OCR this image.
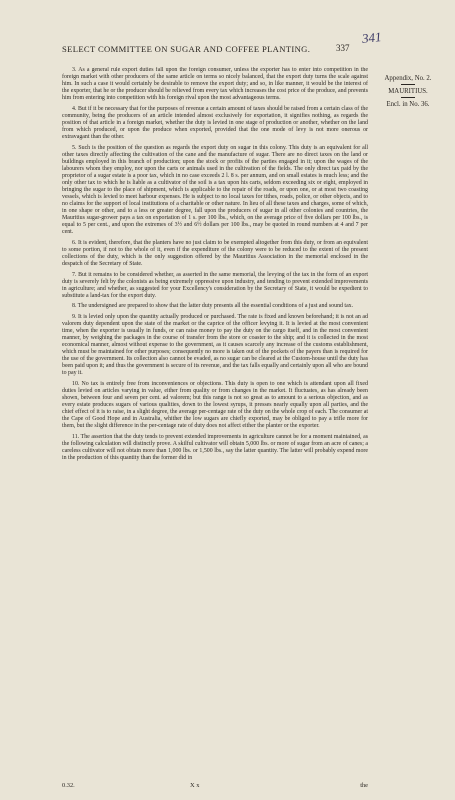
SELECT COMMITTEE ON SUGAR AND COFFEE PLANTING.	337
341
Appendix, No. 2.
MAURITIUS.
Encl. in No. 36.

3. As a general rule export duties fall upon the foreign consumer, unless the exporter has to enter into competition in the foreign market with other producers of the same article on terms so nicely balanced, that the export duty turns the scale against him. In such a case it would certainly be desirable to remove the export duty; and so, in like manner, it would be the interest of the exporter, that he or the producer should be relieved from every tax which increases the cost price of the produce, and prevents him from entering into competition with his foreign rival upon the most advantageous terms.

4. But if it be necessary that for the purposes of revenue a certain amount of taxes should be raised from a certain class of the community, being the producers of an article intended almost exclusively for exportation, it signifies nothing, as regards the position of that article in a foreign market, whether the duty is levied in one stage of production or another, whether on the land from which produced, or upon the produce when exported, provided that the one mode of levy is not more onerous or extravagant than the other.

5. Such is the position of the question as regards the export duty on sugar in this colony. This duty is an equivalent for all other taxes directly affecting the cultivation of the cane and the manufacture of sugar. There are no direct taxes on the land or buildings employed in this branch of production; upon the stock or profits of the parties engaged in it; upon the wages of the labourers whom they employ, nor upon the carts or animals used in the cultivation of the fields. The only direct tax paid by the proprietor of a sugar estate is a poor tax, which in no case exceeds 2 l. 8 s. per annum, and on small estates is much less; and the only other tax to which he is liable as a cultivator of the soil is a tax upon his carts, seldom exceeding six or eight, employed in bringing the sugar to the place of shipment, which is applicable to the repair of the roads, or upon one, or at most two coasting vessels, which is levied to meet harbour expenses. He is subject to no local taxes for tithes, roads, police, or other objects, and to no claims for the support of local institutions of a charitable or other nature. In lieu of all these taxes and charges, some of which, in one shape or other, and to a less or greater degree, fall upon the producers of sugar in all other colonies and countries, the Mauritius sugar-grower pays a tax on exportation of 1 s. per 100 lbs., which, on the average price of five dollars per 100 lbs., is equal to 5 per cent., and upon the extremes of 3½ and 6½ dollars per 100 lbs., may be quoted in round numbers at 4 and 7 per cent.

6. It is evident, therefore, that the planters have no just claim to be exempted altogether from this duty, or from an equivalent to some portion, if not to the whole of it, even if the expenditure of the colony were to be reduced to the extent of the present collections of the duty, which is the only suggestion offered by the Mauritius Association in the memorial enclosed in the despatch of the Secretary of State.

7. But it remains to be considered whether, as asserted in the same memorial, the levying of the tax in the form of an export duty is severely felt by the colonists as being extremely oppressive upon industry, and tending to prevent extended improvements in agriculture; and whether, as suggested for your Excellency's consideration by the Secretary of State, it would be expedient to substitute a land-tax for the export duty.

8. The undersigned are prepared to show that the latter duty presents all the essential conditions of a just and sound tax.

9. It is levied only upon the quantity actually produced or purchased. The rate is fixed and known beforehand; it is not an ad valorem duty dependent upon the state of the market or the caprice of the officer levying it. It is levied at the most convenient time, when the exporter is usually in funds, or can raise money to pay the duty on the cargo itself, and in the most convenient manner, by weighing the packages in the course of transfer from the store or coaster to the ship; and it is collected in the most economical manner, almost without expense to the government, as it causes scarcely any increase of the customs establishment, which must be maintained for other purposes; consequently no more is taken out of the pockets of the payers than is required for the use of the government. Its collection also cannot be evaded, as no sugar can be cleared at the Custom-house until the duty has been paid upon it; and thus the government is secure of its revenue, and the tax falls equally and certainly upon all who are bound to pay it.

10. No tax is entirely free from inconveniences or objections. This duty is open to one which is attendant upon all fixed duties levied on articles varying in value, either from quality or from changes in the market. It fluctuates, as has already been shown, between four and seven per cent. ad valorem; but this range is not so great as to amount to a serious objection, and as every estate produces sugars of various qualities, down to the lowest syrups, it presses nearly equally upon all parties, and the chief effect of it is to raise, in a slight degree, the average per-centage rate of the duty on the whole crop of each. The consumer at the Cape of Good Hope and in Australia, whither the low sugars are chiefly exported, may be obliged to pay a trifle more for them, but the slight difference in the per-centage rate of duty does not affect either the planter or the exporter.

11. The assertion that the duty tends to prevent extended improvements in agriculture cannot be for a moment maintained, as the following calculation will distinctly prove. A skilful cultivator will obtain 5,000 lbs. or more of sugar from an acre of canes; a careless cultivator will not obtain more than 1,000 lbs. or 1,500 lbs., say the latter quantity. The latter will probably expend more in the production of this quantity than the former did in

0.32.	X x	the
